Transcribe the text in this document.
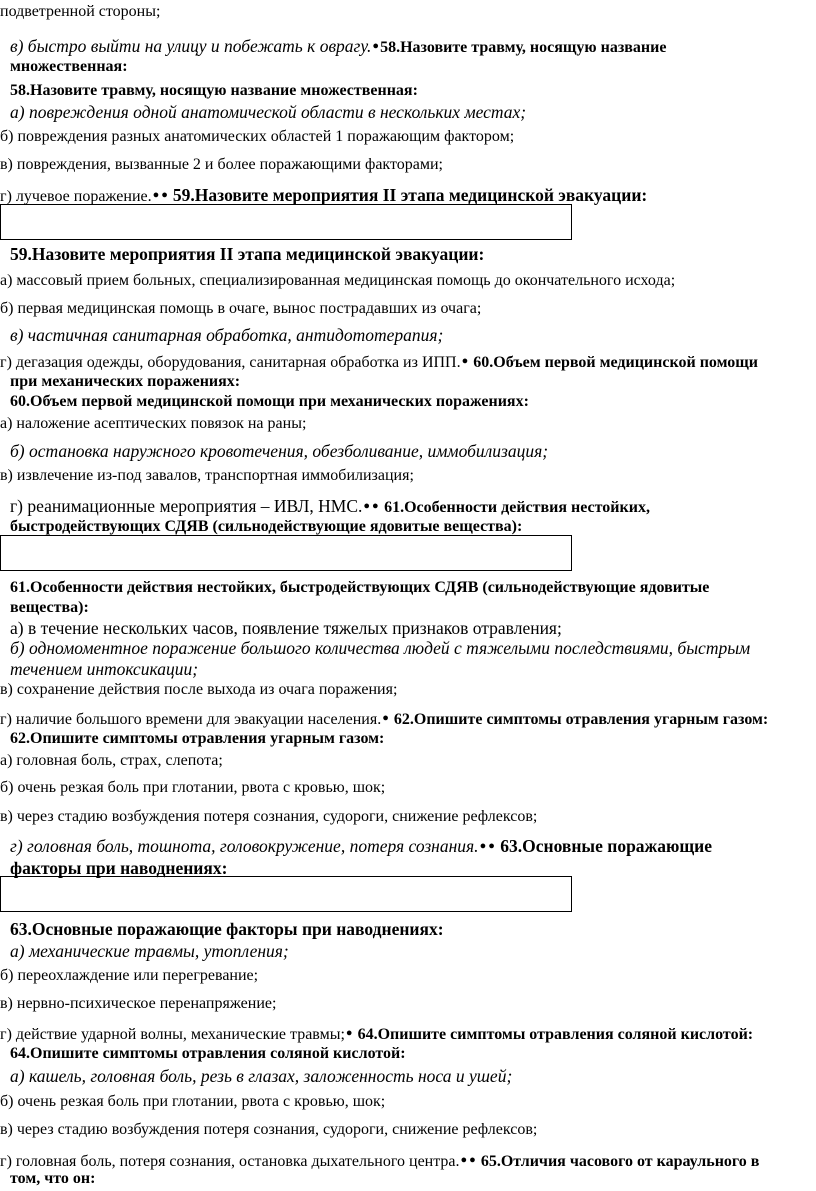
подветренной стороны;
в) быстро выйти на улицу и побежать к оврагу.●58.Назовите травму, носящую название
множественная:
58.Назовите травму, носящую название множественная:
а) повреждения одной анатомической области в нескольких местах;
б) повреждения разных анатомических областей 1 поражающим фактором;
в) повреждения, вызванные 2 и более поражающими факторами;
г) лучевое поражение.● ● 59.Назовите мероприятия II этапа медицинской эвакуации:
59.Назовите мероприятия II этапа медицинской эвакуации:
а) массовый прием больных, специализированная медицинская помощь до окончательного исхода;
б) первая медицинская помощь в очаге, вынос пострадавших из очага;
в) частичная санитарная обработка, антидототерапия;
г) дегазация одежды, оборудования, санитарная обработка из ИПП.● 60.Объем первой медицинской помощи
при механических поражениях:
60.Объем первой медицинской помощи при механических поражениях:
а) наложение асептических повязок на раны;
б) остановка наружного кровотечения, обезболивание, иммобилизация;
в) извлечение из-под завалов, транспортная иммобилизация;
г) реанимационные мероприятия – ИВЛ, НМС.● ● 61.Особенности действия нестойких,
быстродействующих СДЯВ (сильнодействующие ядовитые вещества):
61.Особенности действия нестойких, быстродействующих СДЯВ (сильнодействующие ядовитые
вещества):
а) в течение нескольких часов, появление тяжелых признаков отравления;
б) одномоментное поражение большого количества людей с тяжелыми последствиями, быстрым
течением интоксикации;
в) сохранение действия после выхода из очага поражения;
г) наличие большого времени для эвакуации населения.● 62.Опишите симптомы отравления угарным газом:
62.Опишите симптомы отравления угарным газом:
а) головная боль, страх, слепота;
б) очень резкая боль при глотании, рвота с кровью, шок;
в) через стадию возбуждения потеря сознания, судороги, снижение рефлексов;
г) головная боль, тошнота, головокружение, потеря сознания.● ● 63.Основные поражающие
факторы при наводнениях:
63.Основные поражающие факторы при наводнениях:
а) механические травмы, утопления;
б) переохлаждение или перегревание;
в) нервно-психическое перенапряжение;
г) действие ударной волны, механические травмы;● 64.Опишите симптомы отравления соляной кислотой:
64.Опишите симптомы отравления соляной кислотой:
а) кашель, головная боль, резь в глазах, заложенность носа и ушей;
б) очень резкая боль при глотании, рвота с кровью, шок;
в) через стадию возбуждения потеря сознания, судороги, снижение рефлексов;
г) головная боль, потеря сознания, остановка дыхательного центра.● ● 65.Отличия часового от караульного в
том, что он:
